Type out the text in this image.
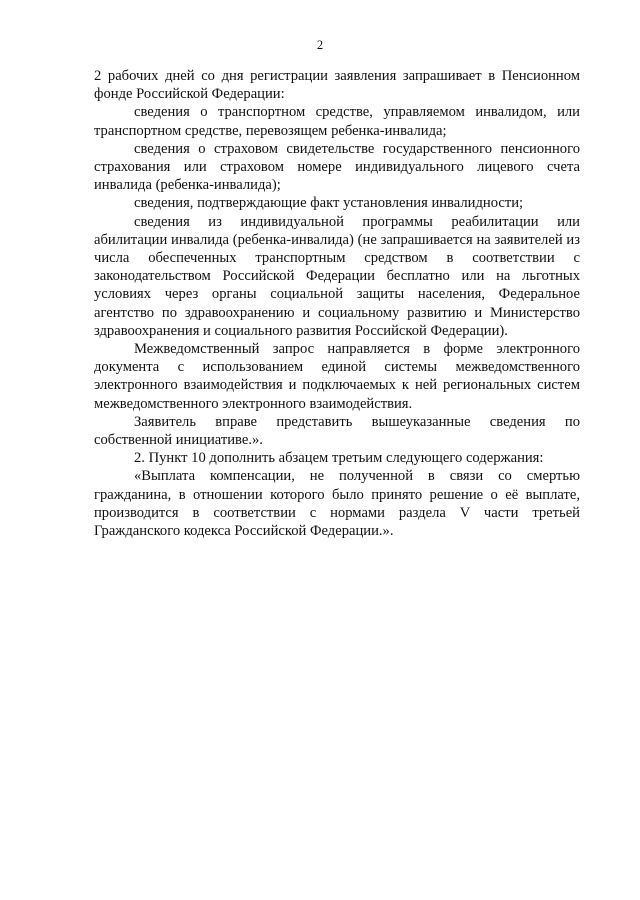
2

2 рабочих дней со дня регистрации заявления запрашивает в Пенсионном фонде Российской Федерации:

сведения о транспортном средстве, управляемом инвалидом, или транспортном средстве, перевозящем ребенка-инвалида;

сведения о страховом свидетельстве государственного пенсионного страхования или страховом номере индивидуального лицевого счета инвалида (ребенка-инвалида);

сведения, подтверждающие факт установления инвалидности;

сведения из индивидуальной программы реабилитации или абилитации инвалида (ребенка-инвалида) (не запрашивается на заявителей из числа обеспеченных транспортным средством в соответствии с законодательством Российской Федерации бесплатно или на льготных условиях через органы социальной защиты населения, Федеральное агентство по здравоохранению и социальному развитию и Министерство здравоохранения и социального развития Российской Федерации).

Межведомственный запрос направляется в форме электронного документа с использованием единой системы межведомственного электронного взаимодействия и подключаемых к ней региональных систем межведомственного электронного взаимодействия.

Заявитель вправе представить вышеуказанные сведения по собственной инициативе.».

2. Пункт 10 дополнить абзацем третьим следующего содержания:

«Выплата компенсации, не полученной в связи со смертью гражданина, в отношении которого было принято решение о её выплате, производится в соответствии с нормами раздела V части третьей Гражданского кодекса Российской Федерации.».
